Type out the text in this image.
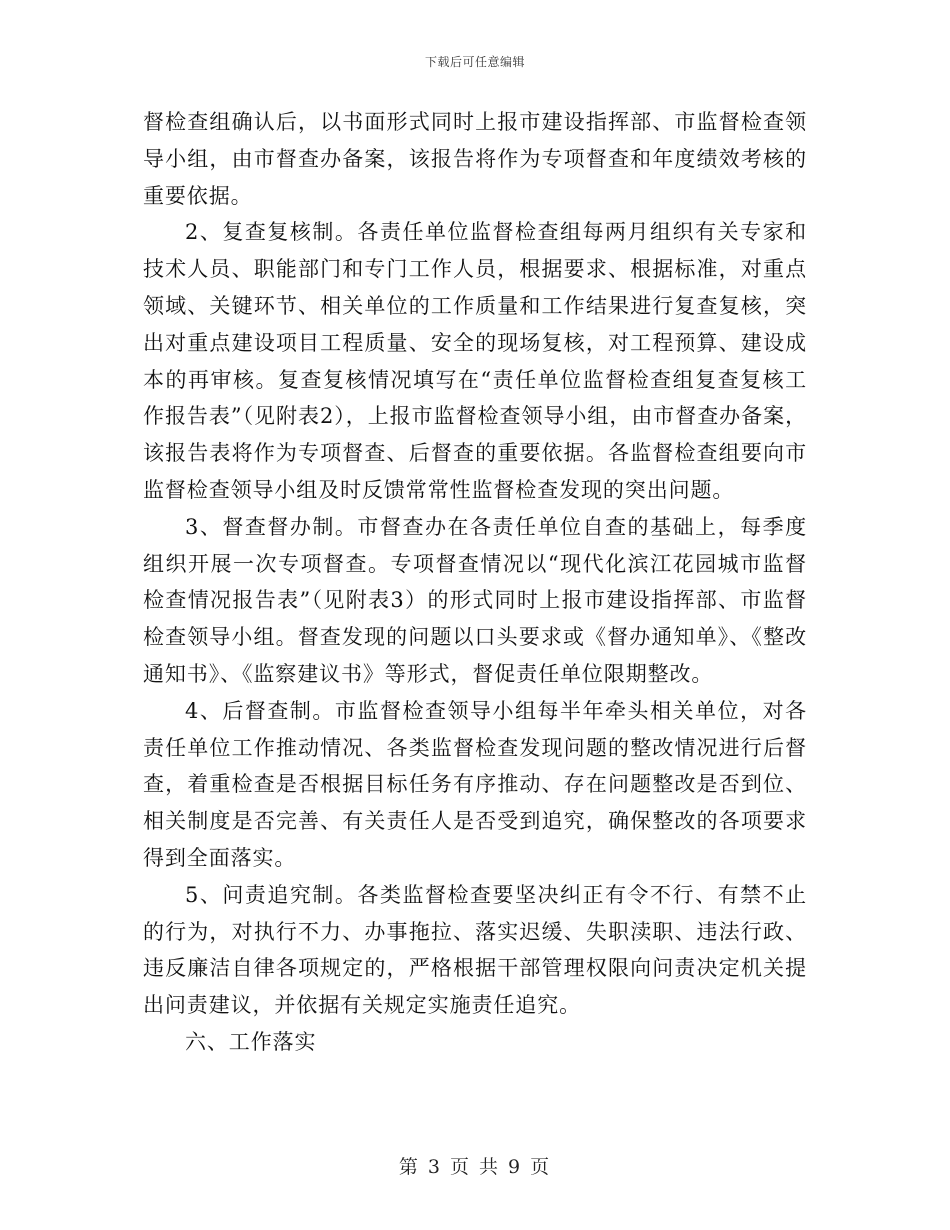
下载后可任意编辑

督检查组确认后，以书面形式同时上报市建设指挥部、市监督检查领导小组，由市督查办备案，该报告将作为专项督查和年度绩效考核的重要依据。

2、复查复核制。各责任单位监督检查组每两月组织有关专家和技术人员、职能部门和专门工作人员，根据要求、根据标准，对重点领域、关键环节、相关单位的工作质量和工作结果进行复查复核，突出对重点建设项目工程质量、安全的现场复核，对工程预算、建设成本的再审核。复查复核情况填写在“责任单位监督检查组复查复核工作报告表”（见附表2），上报市监督检查领导小组，由市督查办备案，该报告表将作为专项督查、后督查的重要依据。各监督检查组要向市监督检查领导小组及时反馈常常性监督检查发现的突出问题。

3、督查督办制。市督查办在各责任单位自查的基础上，每季度组织开展一次专项督查。专项督查情况以“现代化滨江花园城市监督检查情况报告表”（见附表3）的形式同时上报市建设指挥部、市监督检查领导小组。督查发现的问题以口头要求或《督办通知单》、《整改通知书》、《监察建议书》等形式，督促责任单位限期整改。

4、后督查制。市监督检查领导小组每半年牵头相关单位，对各责任单位工作推动情况、各类监督检查发现问题的整改情况进行后督查，着重检查是否根据目标任务有序推动、存在问题整改是否到位、相关制度是否完善、有关责任人是否受到追究，确保整改的各项要求得到全面落实。

5、问责追究制。各类监督检查要坚决纠正有令不行、有禁不止的行为，对执行不力、办事拖拉、落实迟缓、失职渎职、违法行政、违反廉洁自律各项规定的，严格根据干部管理权限向问责决定机关提出问责建议，并依据有关规定实施责任追究。

六、工作落实

第 3 页 共 9 页
